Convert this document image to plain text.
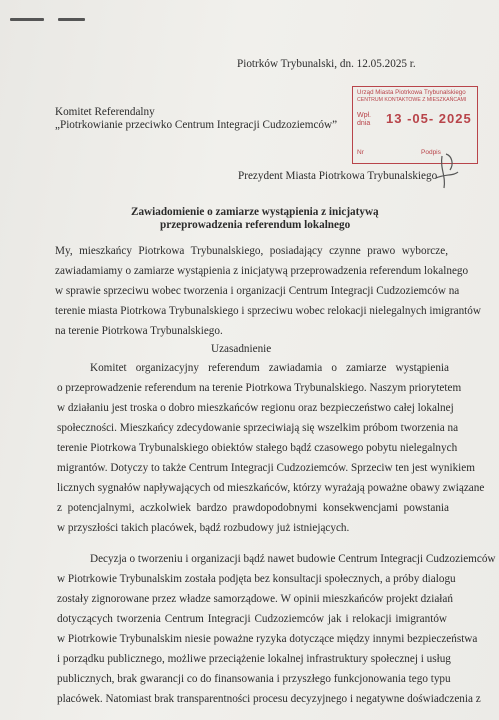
Piotrków Trybunalski, dn. 12.05.2025 r.
Komitet Referendalny
„Piotrkowianie przeciwko Centrum Integracji Cudzoziemców”
Urząd Miasta Piotrkowa Trybunalskiego
CENTRUM KONTAKTOWE Z MIESZKAŃCAMI
Wpł.
dnia 13 -05- 2025
Nr	Podpis
Prezydent Miasta Piotrkowa Trybunalskiego
Zawiadomienie o zamiarze wystąpienia z inicjatywą
przeprowadzenia referendum lokalnego
My, mieszkańcy Piotrkowa Trybunalskiego, posiadający czynne prawo wyborcze,
zawiadamiamy o zamiarze wystąpienia z inicjatywą przeprowadzenia referendum lokalnego
w sprawie sprzeciwu wobec tworzenia i organizacji Centrum Integracji Cudzoziemców na
terenie miasta Piotrkowa Trybunalskiego i sprzeciwu wobec relokacji nielegalnych imigrantów
na terenie Piotrkowa Trybunalskiego.
Uzasadnienie
Komitet organizacyjny referendum zawiadamia o zamiarze wystąpienia
o przeprowadzenie referendum na terenie Piotrkowa Trybunalskiego. Naszym priorytetem
w działaniu jest troska o dobro mieszkańców regionu oraz bezpieczeństwo całej lokalnej
społeczności. Mieszkańcy zdecydowanie sprzeciwiają się wszelkim próbom tworzenia na
terenie Piotrkowa Trybunalskiego obiektów stałego bądź czasowego pobytu nielegalnych
migrantów. Dotyczy to także Centrum Integracji Cudzoziemców. Sprzeciw ten jest wynikiem
licznych sygnałów napływających od mieszkańców, którzy wyrażają poważne obawy związane
z potencjalnymi, aczkolwiek bardzo prawdopodobnymi konsekwencjami powstania
w przyszłości takich placówek, bądź rozbudowy już istniejących.
Decyzja o tworzeniu i organizacji bądź nawet budowie Centrum Integracji Cudzoziemców
w Piotrkowie Trybunalskim została podjęta bez konsultacji społecznych, a próby dialogu
zostały zignorowane przez władze samorządowe. W opinii mieszkańców projekt działań
dotyczących tworzenia Centrum Integracji Cudzoziemców jak i relokacji imigrantów
w Piotrkowie Trybunalskim niesie poważne ryzyka dotyczące między innymi bezpieczeństwa
i porządku publicznego, możliwe przeciążenie lokalnej infrastruktury społecznej i usług
publicznych, brak gwarancji co do finansowania i przyszłego funkcjonowania tego typu
placówek. Natomiast brak transparentności procesu decyzyjnego i negatywne doświadczenia z
